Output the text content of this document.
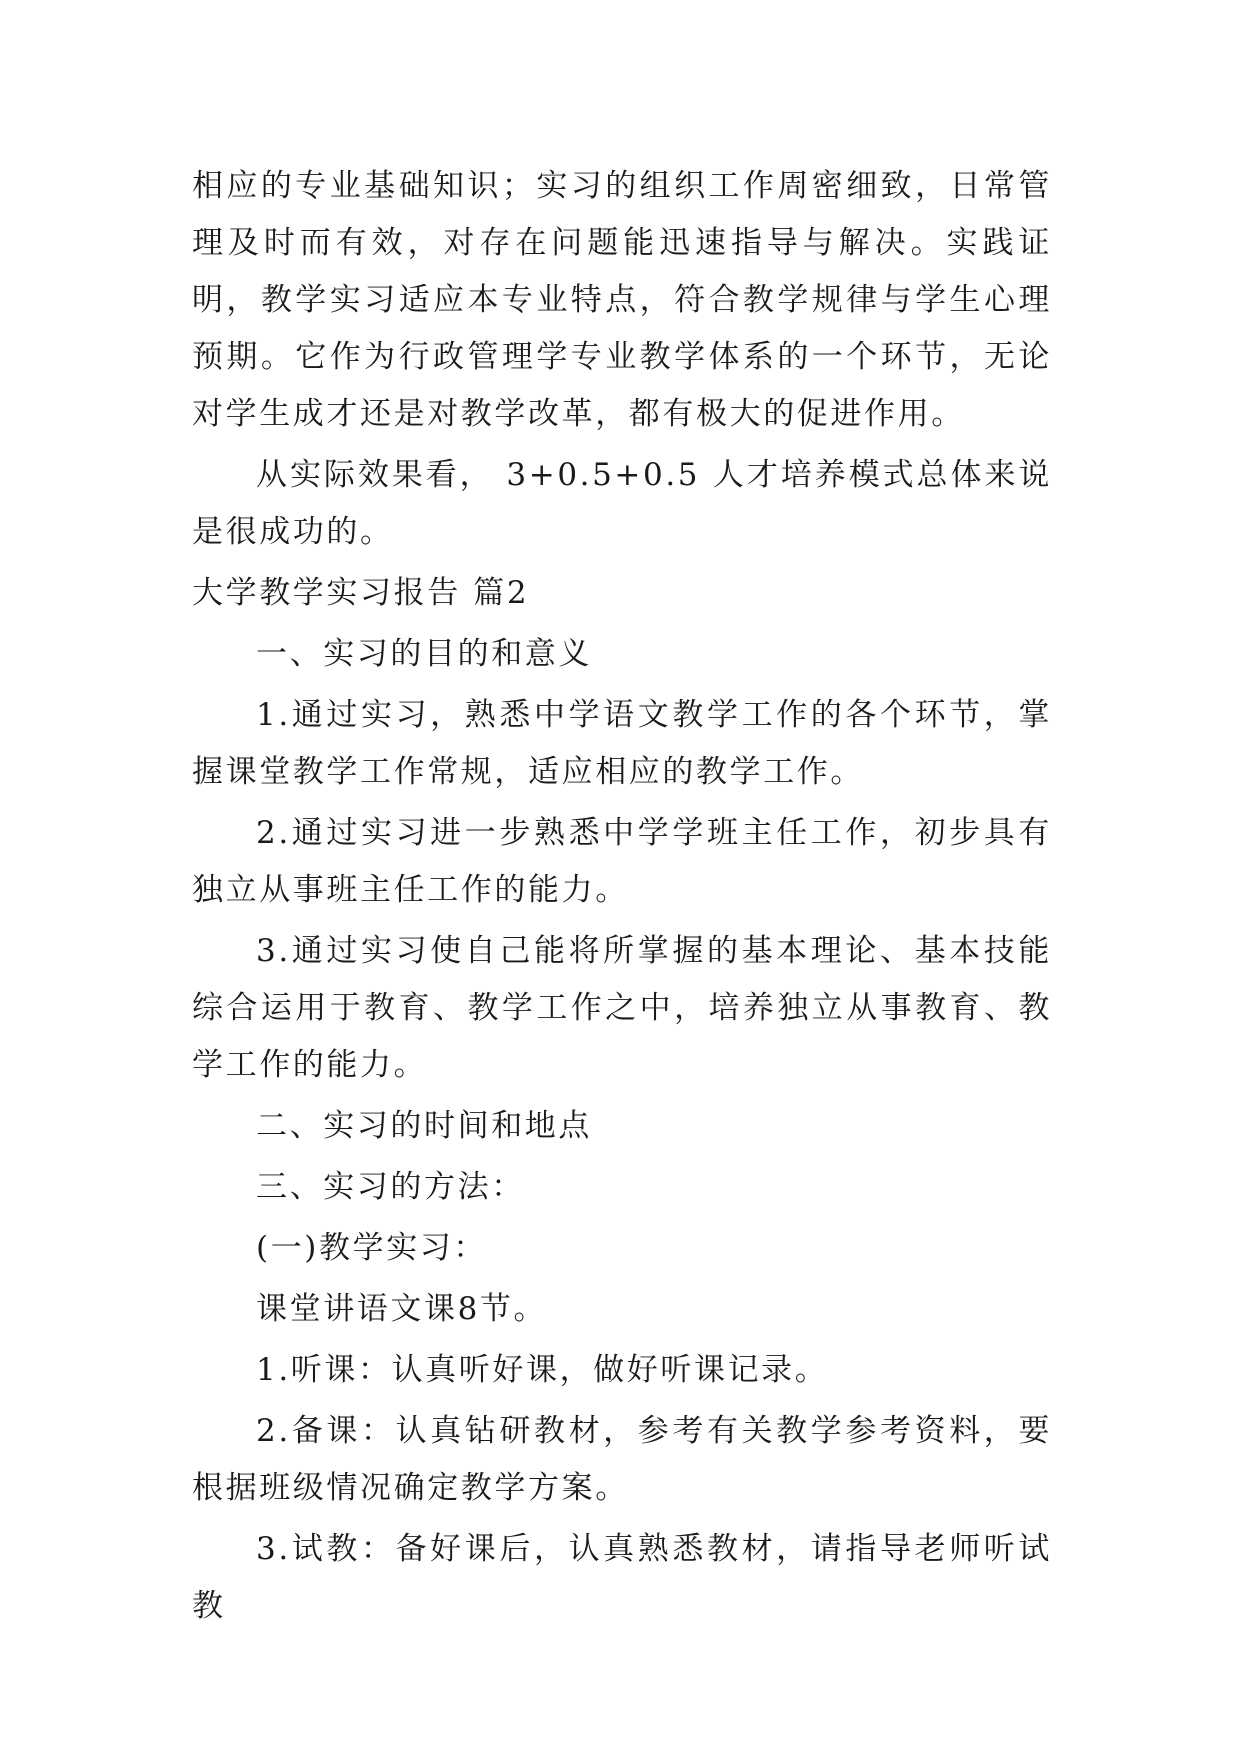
相应的专业基础知识；实习的组织工作周密细致，日常管理及时而有效，对存在问题能迅速指导与解决。实践证明，教学实习适应本专业特点，符合教学规律与学生心理预期。它作为行政管理学专业教学体系的一个环节，无论对学生成才还是对教学改革，都有极大的促进作用。

从实际效果看， 3+0.5+0.5 人才培养模式总体来说是很成功的。

大学教学实习报告 篇2

一、实习的目的和意义

1.通过实习，熟悉中学语文教学工作的各个环节，掌握课堂教学工作常规，适应相应的教学工作。

2.通过实习进一步熟悉中学学班主任工作，初步具有独立从事班主任工作的能力。

3.通过实习使自己能将所掌握的基本理论、基本技能综合运用于教育、教学工作之中，培养独立从事教育、教学工作的能力。

二、实习的时间和地点

三、实习的方法：

(一)教学实习：

课堂讲语文课8节。

1.听课：认真听好课，做好听课记录。

2.备课：认真钻研教材，参考有关教学参考资料，要根据班级情况确定教学方案。

3.试教：备好课后，认真熟悉教材，请指导老师听试教
